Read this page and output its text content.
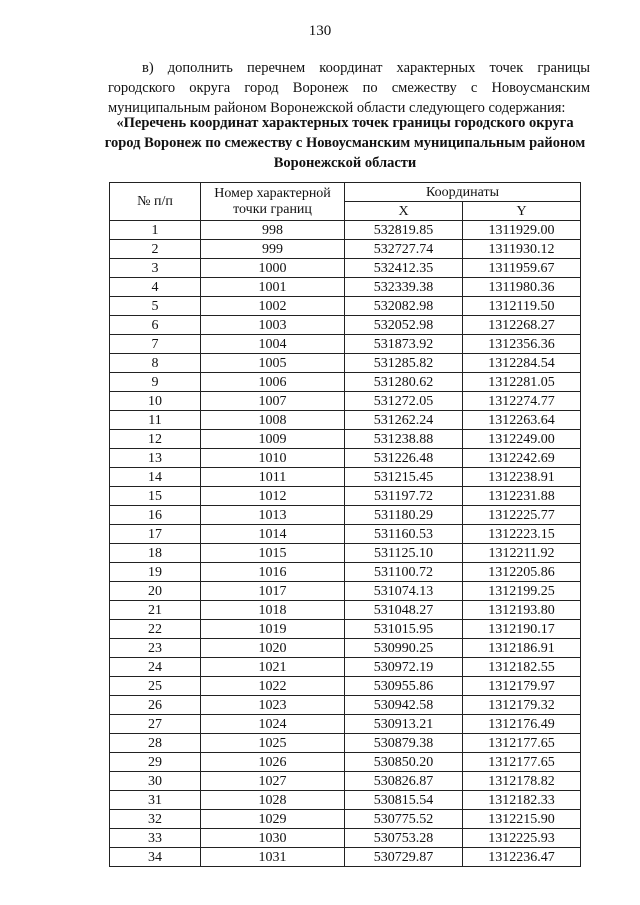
130

в) дополнить перечнем координат характерных точек границы городского округа город Воронеж по смежеству с Новоусманским муниципальным районом Воронежской области следующего содержания:

«Перечень координат характерных точек границы городского округа город Воронеж по смежеству с Новоусманским муниципальным районом Воронежской области

№ п/п	Номер характерной точки границ	Координаты	
		X	Y
1	998	532819.85	1311929.00
2	999	532727.74	1311930.12
3	1000	532412.35	1311959.67
4	1001	532339.38	1311980.36
5	1002	532082.98	1312119.50
6	1003	532052.98	1312268.27
7	1004	531873.92	1312356.36
8	1005	531285.82	1312284.54
9	1006	531280.62	1312281.05
10	1007	531272.05	1312274.77
11	1008	531262.24	1312263.64
12	1009	531238.88	1312249.00
13	1010	531226.48	1312242.69
14	1011	531215.45	1312238.91
15	1012	531197.72	1312231.88
16	1013	531180.29	1312225.77
17	1014	531160.53	1312223.15
18	1015	531125.10	1312211.92
19	1016	531100.72	1312205.86
20	1017	531074.13	1312199.25
21	1018	531048.27	1312193.80
22	1019	531015.95	1312190.17
23	1020	530990.25	1312186.91
24	1021	530972.19	1312182.55
25	1022	530955.86	1312179.97
26	1023	530942.58	1312179.32
27	1024	530913.21	1312176.49
28	1025	530879.38	1312177.65
29	1026	530850.20	1312177.65
30	1027	530826.87	1312178.82
31	1028	530815.54	1312182.33
32	1029	530775.52	1312215.90
33	1030	530753.28	1312225.93
34	1031	530729.87	1312236.47
